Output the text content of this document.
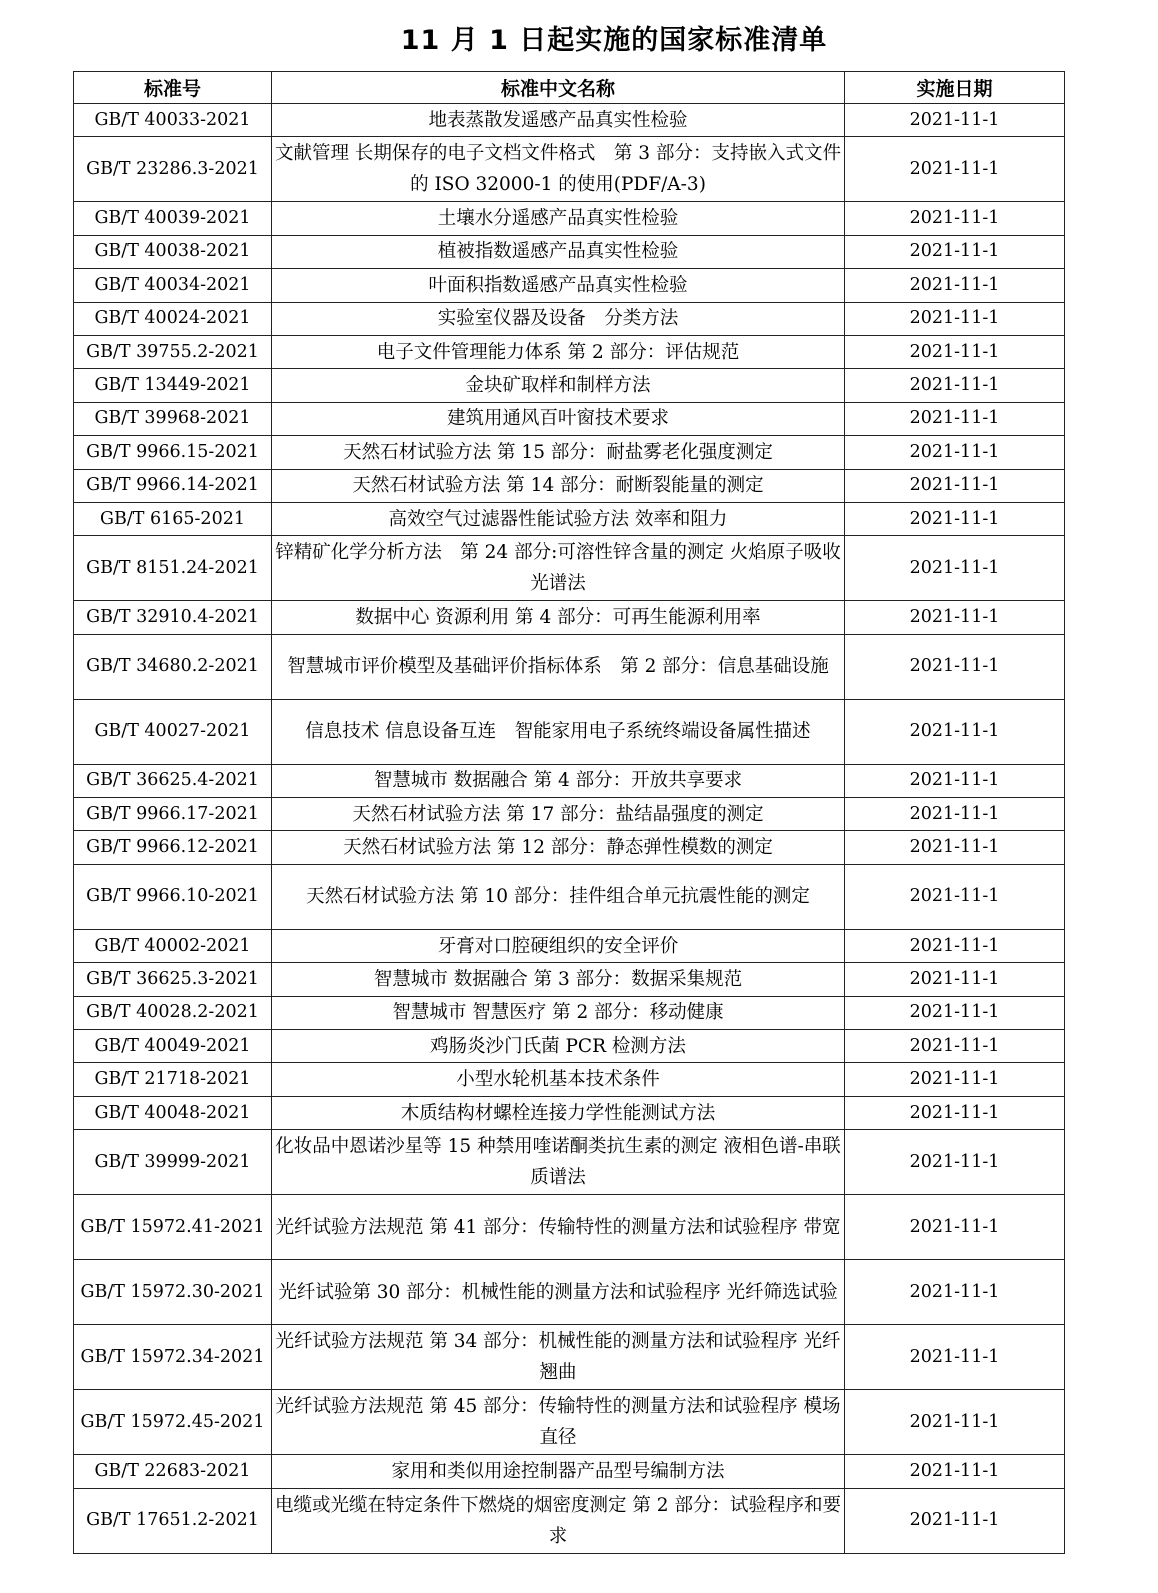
11 月 1 日起实施的国家标准清单
标准号	标准中文名称	实施日期
GB/T 40033-2021	地表蒸散发遥感产品真实性检验	2021-11-1
GB/T 23286.3-2021	文献管理 长期保存的电子文档文件格式　第 3 部分：支持嵌入式文件的 ISO 32000-1 的使用(PDF/A-3)	2021-11-1
GB/T 40039-2021	土壤水分遥感产品真实性检验	2021-11-1
GB/T 40038-2021	植被指数遥感产品真实性检验	2021-11-1
GB/T 40034-2021	叶面积指数遥感产品真实性检验	2021-11-1
GB/T 40024-2021	实验室仪器及设备　分类方法	2021-11-1
GB/T 39755.2-2021	电子文件管理能力体系 第 2 部分：评估规范	2021-11-1
GB/T 13449-2021	金块矿取样和制样方法	2021-11-1
GB/T 39968-2021	建筑用通风百叶窗技术要求	2021-11-1
GB/T 9966.15-2021	天然石材试验方法 第 15 部分：耐盐雾老化强度测定	2021-11-1
GB/T 9966.14-2021	天然石材试验方法 第 14 部分：耐断裂能量的测定	2021-11-1
GB/T 6165-2021	高效空气过滤器性能试验方法 效率和阻力	2021-11-1
GB/T 8151.24-2021	锌精矿化学分析方法　第 24 部分:可溶性锌含量的测定 火焰原子吸收光谱法	2021-11-1
GB/T 32910.4-2021	数据中心 资源利用 第 4 部分：可再生能源利用率	2021-11-1
GB/T 34680.2-2021	智慧城市评价模型及基础评价指标体系　第 2 部分：信息基础设施	2021-11-1
GB/T 40027-2021	信息技术 信息设备互连　智能家用电子系统终端设备属性描述	2021-11-1
GB/T 36625.4-2021	智慧城市 数据融合 第 4 部分：开放共享要求	2021-11-1
GB/T 9966.17-2021	天然石材试验方法 第 17 部分：盐结晶强度的测定	2021-11-1
GB/T 9966.12-2021	天然石材试验方法 第 12 部分：静态弹性模数的测定	2021-11-1
GB/T 9966.10-2021	天然石材试验方法 第 10 部分：挂件组合单元抗震性能的测定	2021-11-1
GB/T 40002-2021	牙膏对口腔硬组织的安全评价	2021-11-1
GB/T 36625.3-2021	智慧城市 数据融合 第 3 部分：数据采集规范	2021-11-1
GB/T 40028.2-2021	智慧城市 智慧医疗 第 2 部分：移动健康	2021-11-1
GB/T 40049-2021	鸡肠炎沙门氏菌 PCR 检测方法	2021-11-1
GB/T 21718-2021	小型水轮机基本技术条件	2021-11-1
GB/T 40048-2021	木质结构材螺栓连接力学性能测试方法	2021-11-1
GB/T 39999-2021	化妆品中恩诺沙星等 15 种禁用喹诺酮类抗生素的测定 液相色谱-串联质谱法	2021-11-1
GB/T 15972.41-2021	光纤试验方法规范 第 41 部分：传输特性的测量方法和试验程序 带宽	2021-11-1
GB/T 15972.30-2021	光纤试验第 30 部分：机械性能的测量方法和试验程序 光纤筛选试验	2021-11-1
GB/T 15972.34-2021	光纤试验方法规范 第 34 部分：机械性能的测量方法和试验程序 光纤翘曲	2021-11-1
GB/T 15972.45-2021	光纤试验方法规范 第 45 部分：传输特性的测量方法和试验程序 模场直径	2021-11-1
GB/T 22683-2021	家用和类似用途控制器产品型号编制方法	2021-11-1
GB/T 17651.2-2021	电缆或光缆在特定条件下燃烧的烟密度测定 第 2 部分：试验程序和要求	2021-11-1
